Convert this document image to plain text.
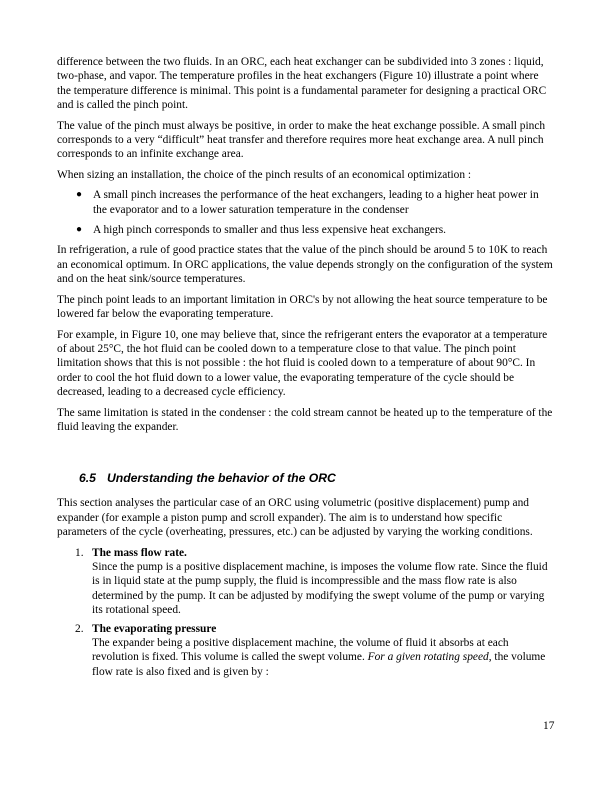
difference between the two fluids. In an ORC, each heat exchanger can be subdivided into 3 zones : liquid, two-phase, and vapor. The temperature profiles in the heat exchangers (Figure 10) illustrate a point where the temperature difference is minimal. This point is a fundamental parameter for designing a practical ORC and is called the pinch point.

The value of the pinch must always be positive, in order to make the heat exchange possible. A small pinch corresponds to a very “difficult” heat transfer and therefore requires more heat exchange area. A null pinch corresponds to an infinite exchange area.

When sizing an installation, the choice of the pinch results of an economical optimization :

● A small pinch increases the performance of the heat exchangers, leading to a higher heat power in the evaporator and to a lower saturation temperature in the condenser
● A high pinch corresponds to smaller and thus less expensive heat exchangers.

In refrigeration, a rule of good practice states that the value of the pinch should be around 5 to 10K to reach an economical optimum. In ORC applications, the value depends strongly on the configuration of the system and on the heat sink/source temperatures.

The pinch point leads to an important limitation in ORC's by not allowing the heat source temperature to be lowered far below the evaporating temperature.

For example, in Figure 10, one may believe that, since the refrigerant enters the evaporator at a temperature of about 25°C, the hot fluid can be cooled down to a temperature close to that value. The pinch point limitation shows that this is not possible : the hot fluid is cooled down to a temperature of about 90°C. In order to cool the hot fluid down to a lower value, the evaporating temperature of the cycle should be decreased, leading to a decreased cycle efficiency.

The same limitation is stated in the condenser : the cold stream cannot be heated up to the temperature of the fluid leaving the expander.

6.5 Understanding the behavior of the ORC

This section analyses the particular case of an ORC using volumetric (positive displacement) pump and expander (for example a piston pump and scroll expander). The aim is to understand how specific parameters of the cycle (overheating, pressures, etc.) can be adjusted by varying the working conditions.

1. The mass flow rate.
Since the pump is a positive displacement machine, is imposes the volume flow rate. Since the fluid is in liquid state at the pump supply, the fluid is incompressible and the mass flow rate is also determined by the pump. It can be adjusted by modifying the swept volume of the pump or varying its rotational speed.
2. The evaporating pressure
The expander being a positive displacement machine, the volume of fluid it absorbs at each revolution is fixed. This volume is called the swept volume. For a given rotating speed, the volume flow rate is also fixed and is given by :
17
